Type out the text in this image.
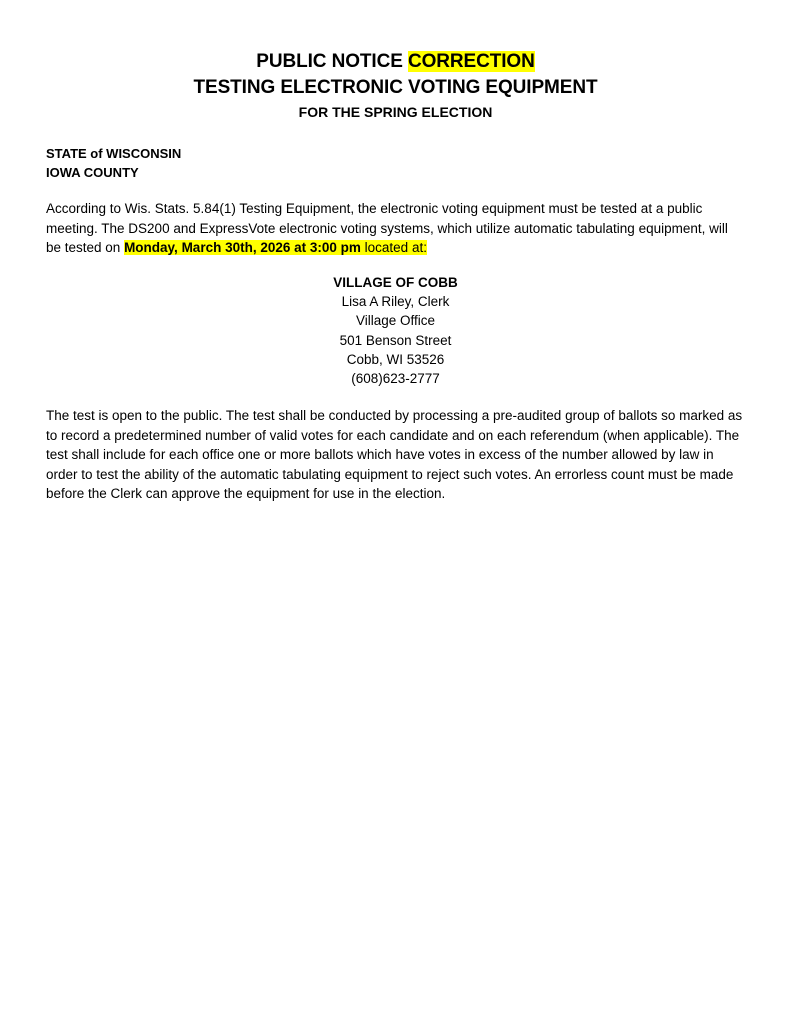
PUBLIC NOTICE CORRECTION
TESTING ELECTRONIC VOTING EQUIPMENT
FOR THE SPRING ELECTION
STATE of WISCONSIN
IOWA COUNTY
According to Wis. Stats. 5.84(1) Testing Equipment, the electronic voting equipment must be tested at a public meeting. The DS200 and ExpressVote electronic voting systems, which utilize automatic tabulating equipment, will be tested on Monday, March 30th, 2026 at 3:00 pm located at:
VILLAGE OF COBB
Lisa A Riley, Clerk
Village Office
501 Benson Street
Cobb, WI 53526
(608)623-2777
The test is open to the public. The test shall be conducted by processing a pre-audited group of ballots so marked as to record a predetermined number of valid votes for each candidate and on each referendum (when applicable). The test shall include for each office one or more ballots which have votes in excess of the number allowed by law in order to test the ability of the automatic tabulating equipment to reject such votes. An errorless count must be made before the Clerk can approve the equipment for use in the election.
